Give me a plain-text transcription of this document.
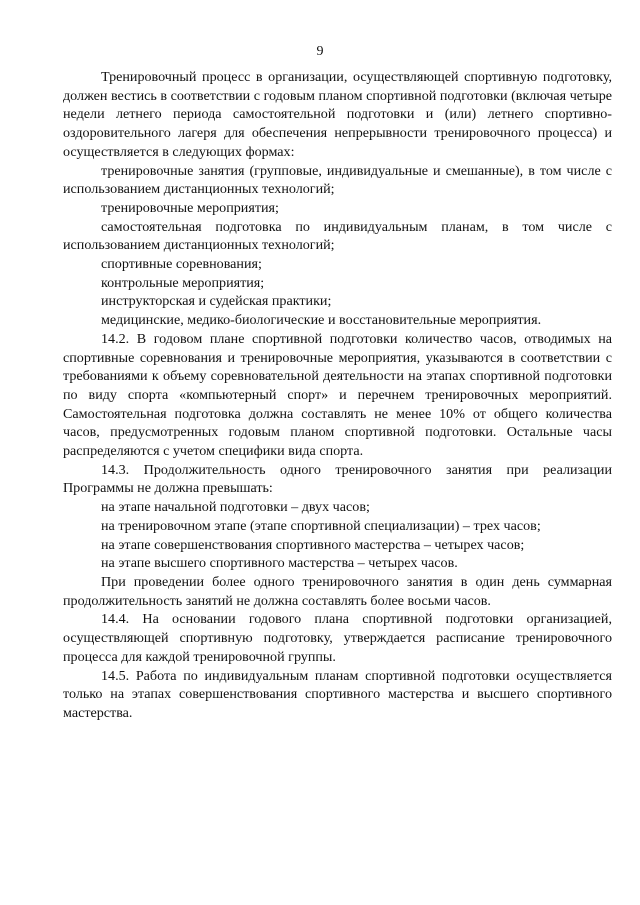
9

Тренировочный процесс в организации, осуществляющей спортивную подготовку, должен вестись в соответствии с годовым планом спортивной подготовки (включая четыре недели летнего периода самостоятельной подготовки и (или) летнего спортивно-оздоровительного лагеря для обеспечения непрерывности тренировочного процесса) и осуществляется в следующих формах:

тренировочные занятия (групповые, индивидуальные и смешанные), в том числе с использованием дистанционных технологий;

тренировочные мероприятия;

самостоятельная подготовка по индивидуальным планам, в том числе с использованием дистанционных технологий;

спортивные соревнования;

контрольные мероприятия;

инструкторская и судейская практики;

медицинские, медико-биологические и восстановительные мероприятия.

14.2. В годовом плане спортивной подготовки количество часов, отводимых на спортивные соревнования и тренировочные мероприятия, указываются в соответствии с требованиями к объему соревновательной деятельности на этапах спортивной подготовки по виду спорта «компьютерный спорт» и перечнем тренировочных мероприятий. Самостоятельная подготовка должна составлять не менее 10% от общего количества часов, предусмотренных годовым планом спортивной подготовки. Остальные часы распределяются с учетом специфики вида спорта.

14.3. Продолжительность одного тренировочного занятия при реализации Программы не должна превышать:

на этапе начальной подготовки – двух часов;

на тренировочном этапе (этапе спортивной специализации) – трех часов;

на этапе совершенствования спортивного мастерства – четырех часов;

на этапе высшего спортивного мастерства – четырех часов.

При проведении более одного тренировочного занятия в один день суммарная продолжительность занятий не должна составлять более восьми часов.

14.4. На основании годового плана спортивной подготовки организацией, осуществляющей спортивную подготовку, утверждается расписание тренировочного процесса для каждой тренировочной группы.

14.5. Работа по индивидуальным планам спортивной подготовки осуществляется только на этапах совершенствования спортивного мастерства и высшего спортивного мастерства.
